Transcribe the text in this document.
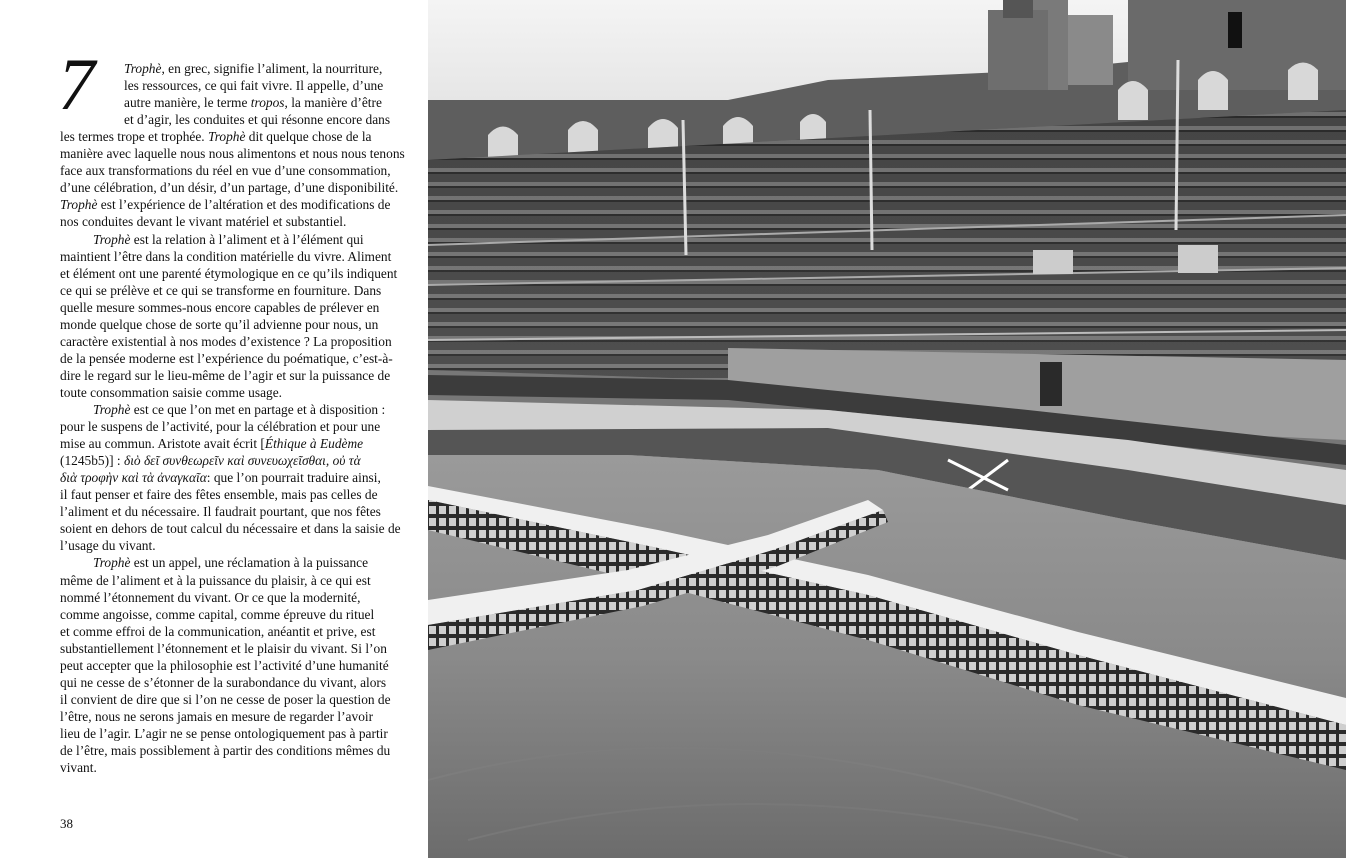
7 Trophè, en grec, signifie l’aliment, la nourriture,
les ressources, ce qui fait vivre. Il appelle, d’une
autre manière, le terme tropos, la manière d’être
et d’agir, les conduites et qui résonne encore dans
les termes trope et trophée. Trophè dit quelque chose de la
manière avec laquelle nous nous alimentons et nous nous tenons
face aux transformations du réel en vue d’une consommation,
d’une célébration, d’un désir, d’un partage, d’une disponibilité.
Trophè est l’expérience de l’altération et des modifications de
nos conduites devant le vivant matériel et substantiel.
Trophè est la relation à l’aliment et à l’élément qui
maintient l’être dans la condition matérielle du vivre. Aliment
et élément ont une parenté étymologique en ce qu’ils indiquent
ce qui se prélève et ce qui se transforme en fourniture. Dans
quelle mesure sommes-nous encore capables de prélever en
monde quelque chose de sorte qu’il advienne pour nous, un
caractère existential à nos modes d’existence ? La proposition
de la pensée moderne est l’expérience du poématique, c’est-à-
dire le regard sur le lieu-même de l’agir et sur la puissance de
toute consommation saisie comme usage.
Trophè est ce que l’on met en partage et à disposition :
pour le suspens de l’activité, pour la célébration et pour une
mise au commun. Aristote avait écrit [Éthique à Eudème
(1245b5)] : διὸ δεῖ συνθεωρεῖν καὶ συνευωχεῖσθαι, οὐ τὰ
διὰ τροφὴν καὶ τὰ ἀναγκαῖα: que l’on pourrait traduire ainsi,
il faut penser et faire des fêtes ensemble, mais pas celles de
l’aliment et du nécessaire. Il faudrait pourtant, que nos fêtes
soient en dehors de tout calcul du nécessaire et dans la saisie de
l’usage du vivant.
Trophè est un appel, une réclamation à la puissance
même de l’aliment et à la puissance du plaisir, à ce qui est
nommé l’étonnement du vivant. Or ce que la modernité,
comme angoisse, comme capital, comme épreuve du rituel
et comme effroi de la communication, anéantit et prive, est
substantiellement l’étonnement et le plaisir du vivant. Si l’on
peut accepter que la philosophie est l’activité d’une humanité
qui ne cesse de s’étonner de la surabondance du vivant, alors
il convient de dire que si l’on ne cesse de poser la question de
l’être, nous ne serons jamais en mesure de regarder l’avoir
lieu de l’agir. L’agir ne se pense ontologiquement pas à partir
de l’être, mais possiblement à partir des conditions mêmes du
vivant.
38
